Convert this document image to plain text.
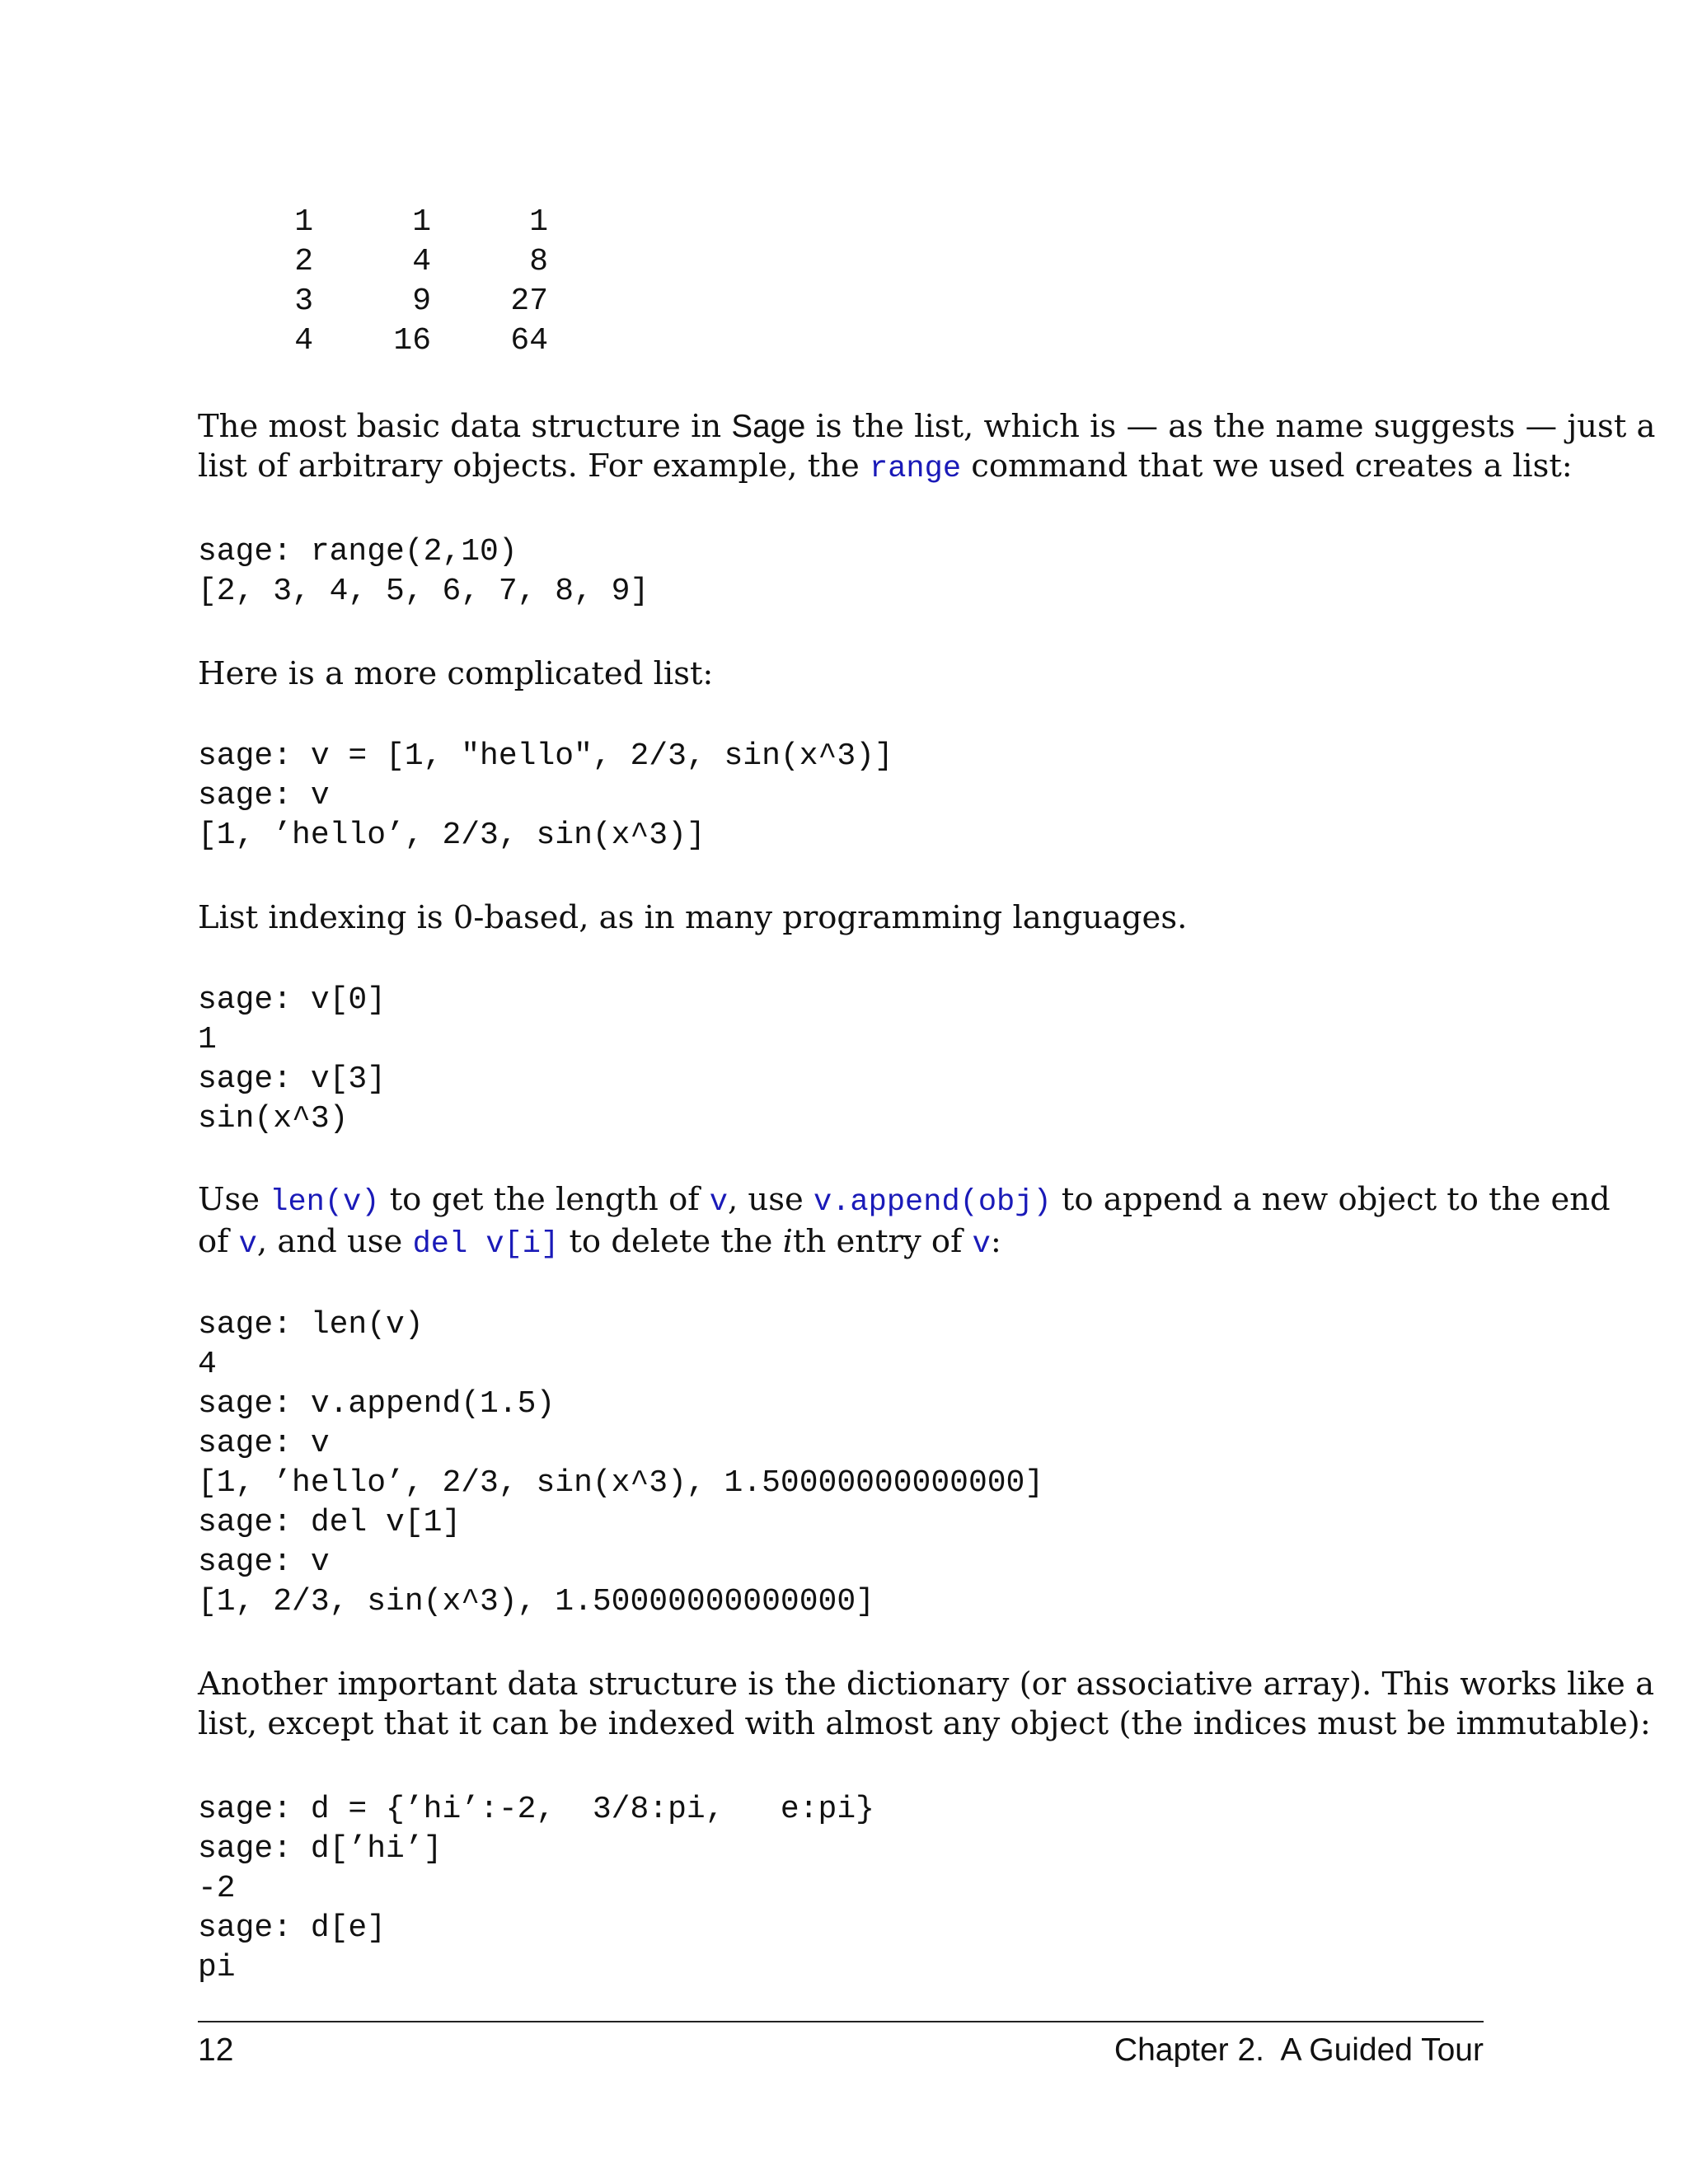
1	1	1
2	4	8
3	9	27
4	16	64
The most basic data structure in Sage is the list, which is — as the name suggests — just a
list of arbitrary objects. For example, the range command that we used creates a list:
sage: range(2,10)
[2, 3, 4, 5, 6, 7, 8, 9]
Here is a more complicated list:
sage: v = [1, "hello", 2/3, sin(x^3)]
sage: v
[1, ’hello’, 2/3, sin(x^3)]
List indexing is 0-based, as in many programming languages.
sage: v[0]
1
sage: v[3]
sin(x^3)
Use len(v) to get the length of v, use v.append(obj) to append a new object to the end
of v, and use del v[i] to delete the ith entry of v:
sage: len(v)
4
sage: v.append(1.5)
sage: v
[1, ’hello’, 2/3, sin(x^3), 1.50000000000000]
sage: del v[1]
sage: v
[1, 2/3, sin(x^3), 1.50000000000000]
Another important data structure is the dictionary (or associative array). This works like a
list, except that it can be indexed with almost any object (the indices must be immutable):
sage: d = {’hi’:-2,  3/8:pi,   e:pi}
sage: d[’hi’]
-2
sage: d[e]
pi
12	Chapter 2.  A Guided Tour
